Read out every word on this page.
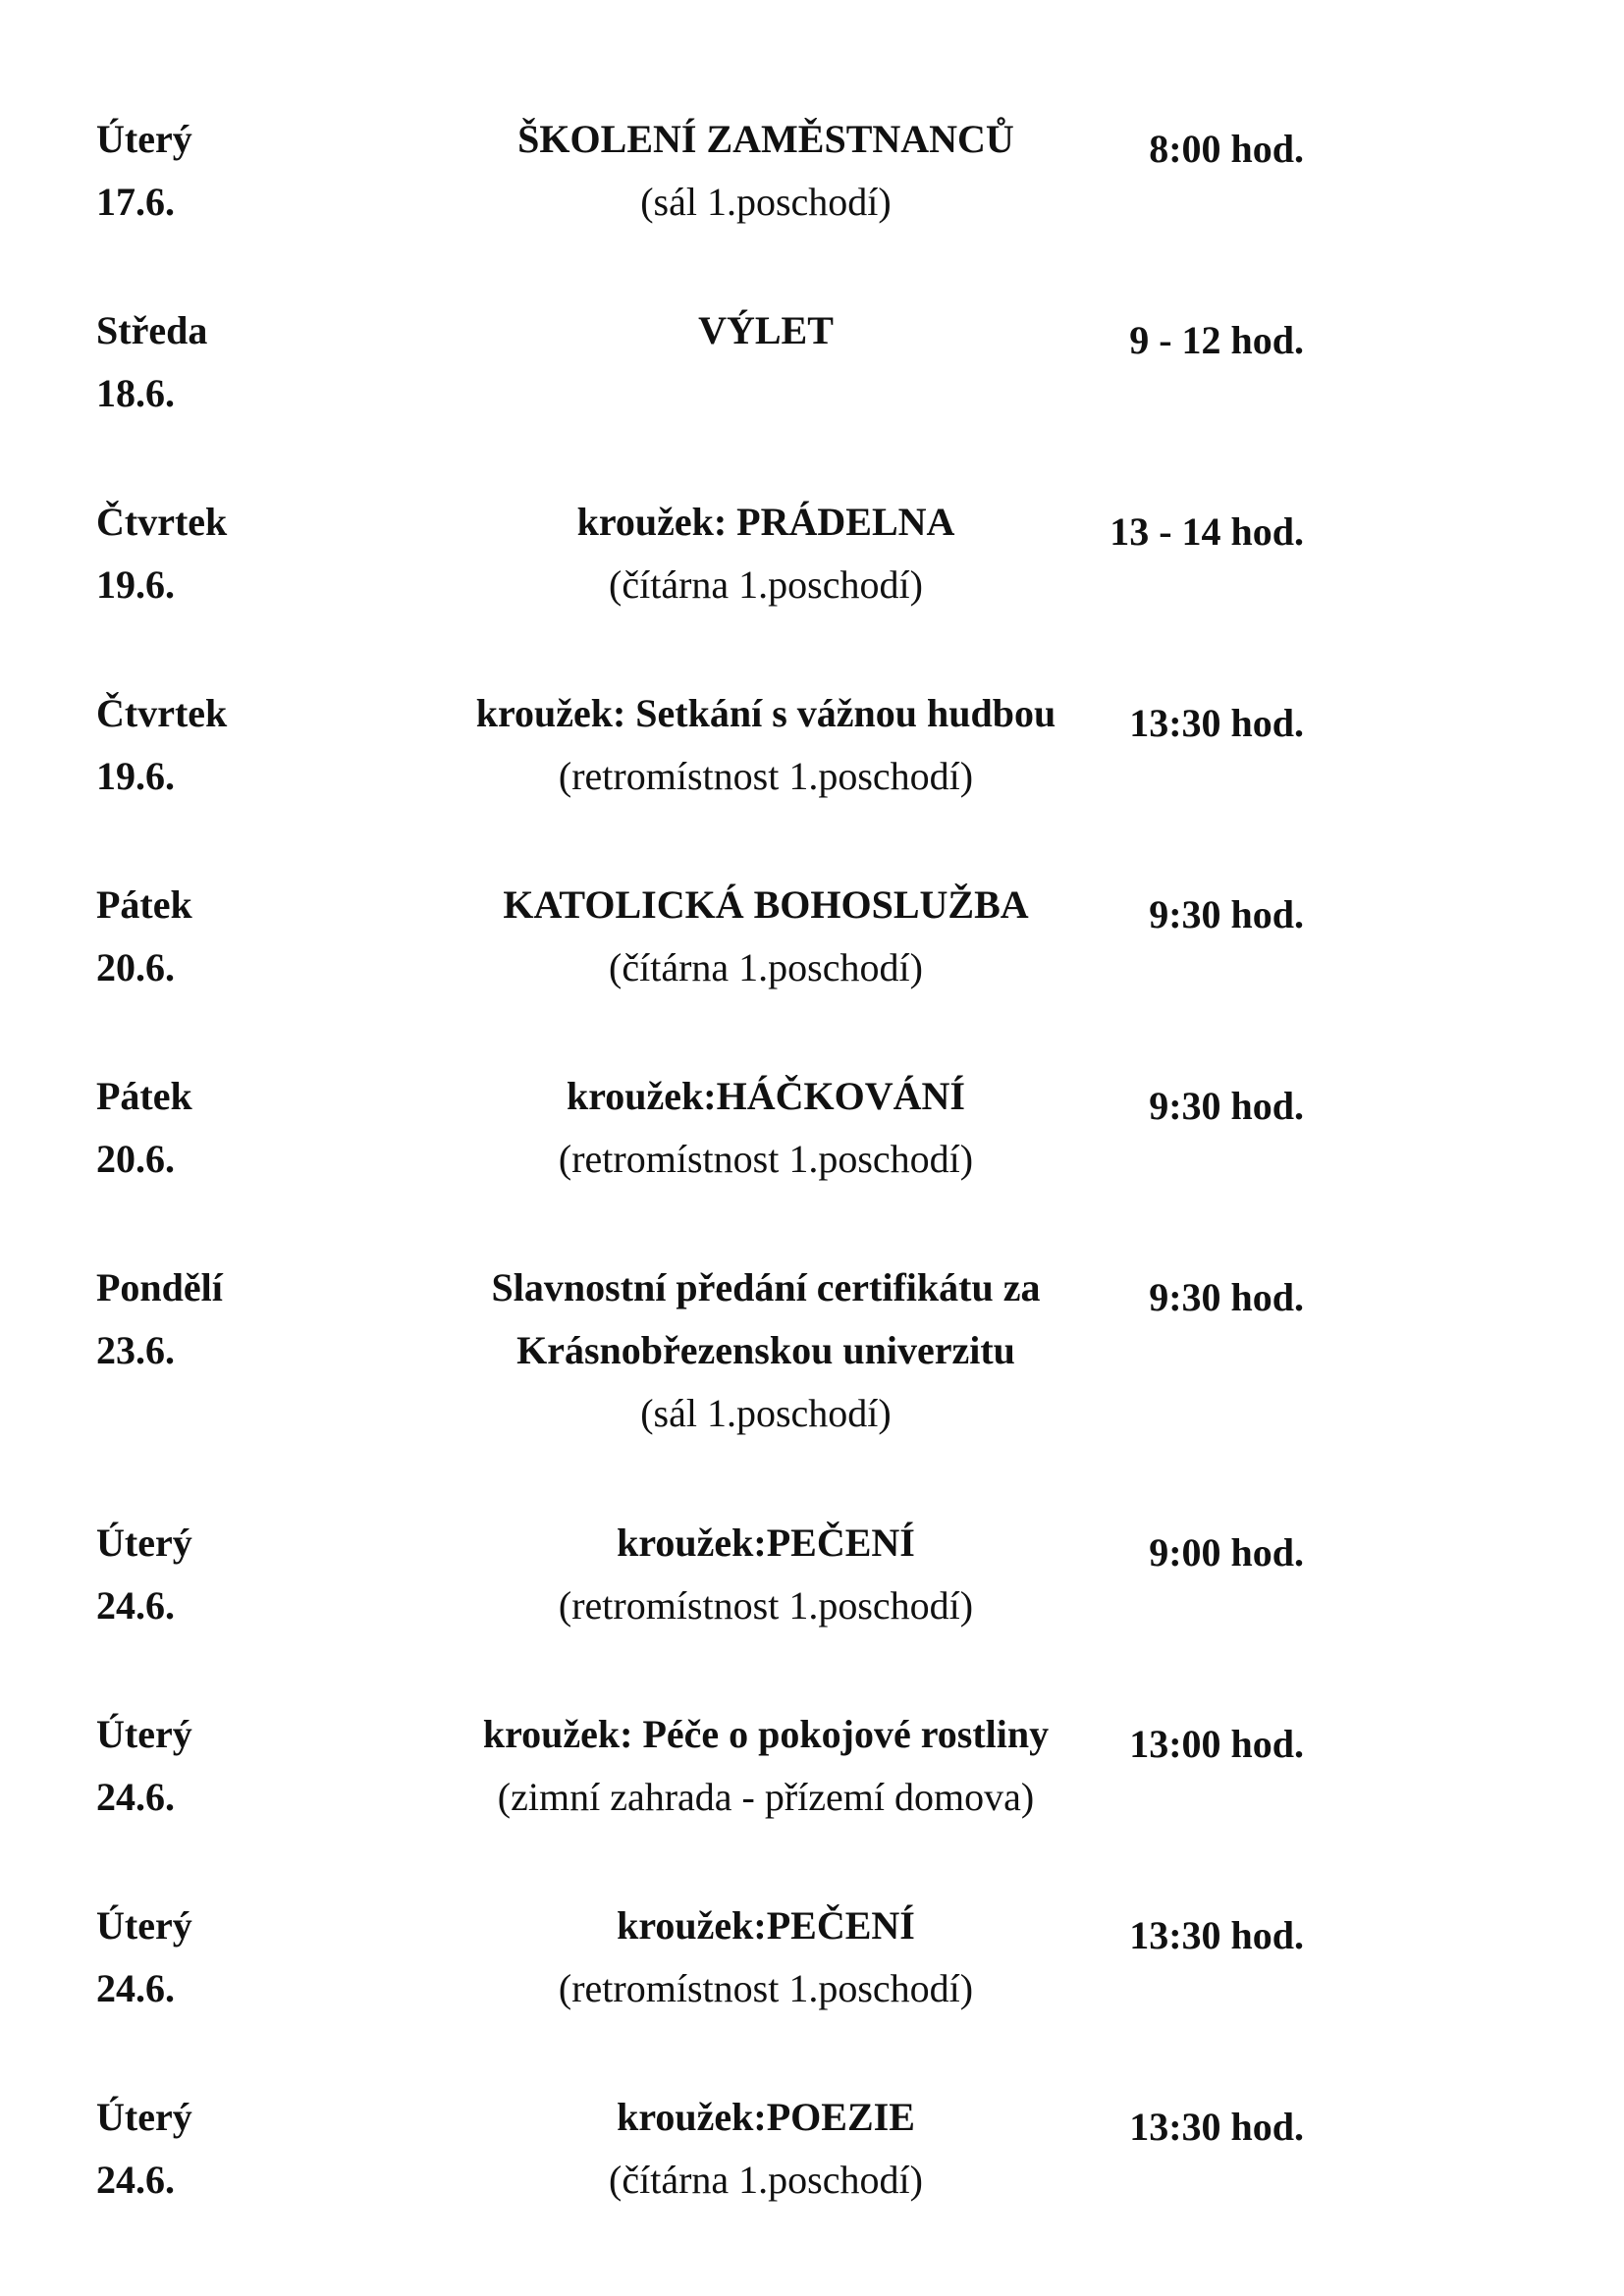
Úterý
17.6.
ŠKOLENÍ ZAMĚSTNANCŮ
(sál 1.poschodí)
8:00 hod.
Středa
18.6.
VÝLET	9 - 12 hod.
Čtvrtek
19.6.
kroužek: PRÁDELNA
(čítárna 1.poschodí)
13 - 14 hod.
Čtvrtek
19.6.
kroužek: Setkání s vážnou hudbou
(retromístnost 1.poschodí)
13:30 hod.
Pátek
20.6.
KATOLICKÁ BOHOSLUŽBA
(čítárna 1.poschodí)
9:30 hod.
Pátek
20.6.
kroužek:HÁČKOVÁNÍ
(retromístnost 1.poschodí)
9:30 hod.
Pondělí
23.6.
Slavnostní předání certifikátu za
Krásnobřezenskou univerzitu
(sál 1.poschodí)
9:30 hod.
Úterý
24.6.
kroužek:PEČENÍ
(retromístnost 1.poschodí)
9:00 hod.
Úterý
24.6.
kroužek: Péče o pokojové rostliny
(zimní zahrada - přízemí domova)
13:00 hod.
Úterý
24.6.
kroužek:PEČENÍ
(retromístnost 1.poschodí)
13:30 hod.
Úterý
24.6.
kroužek:POEZIE
(čítárna 1.poschodí)
13:30 hod.
